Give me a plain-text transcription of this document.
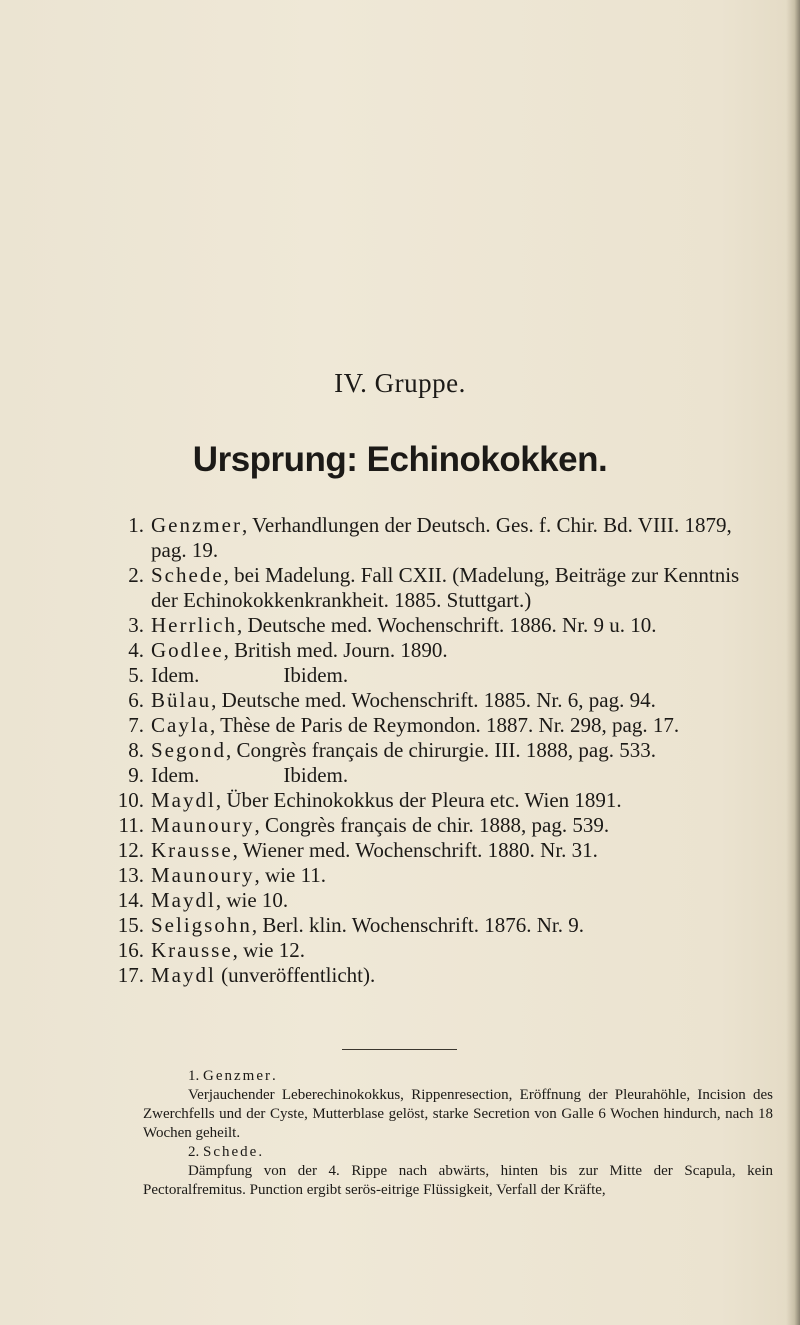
IV. Gruppe.
Ursprung: Echinokokken.
1. Genzmer, Verhandlungen der Deutsch. Ges. f. Chir. Bd. VIII. 1879,
pag. 19.
2. Schede, bei Madelung. Fall CXII. (Madelung, Beiträge zur Kenntnis
der Echinokokkenkrankheit. 1885. Stuttgart.)
3. Herrlich, Deutsche med. Wochenschrift. 1886. Nr. 9 u. 10.
4. Godlee, British med. Journ. 1890.
5. Idem.                Ibidem.
6. Bülau, Deutsche med. Wochenschrift. 1885. Nr. 6, pag. 94.
7. Cayla, Thèse de Paris de Reymondon. 1887. Nr. 298, pag. 17.
8. Segond, Congrès français de chirurgie. III. 1888, pag. 533.
9. Idem.                Ibidem.
10. Maydl, Über Echinokokkus der Pleura etc. Wien 1891.
11. Maunoury, Congrès français de chir. 1888, pag. 539.
12. Krausse, Wiener med. Wochenschrift. 1880. Nr. 31.
13. Maunoury, wie 11.
14. Maydl, wie 10.
15. Seligsohn, Berl. klin. Wochenschrift. 1876. Nr. 9.
16. Krausse, wie 12.
17. Maydl (unveröffentlicht).
1. Genzmer.
Verjauchender Leberechinokokkus, Rippenresection, Eröffnung der Pleurahöhle, Incision des Zwerchfells und der Cyste, Mutterblase gelöst, starke Secretion von Galle 6 Wochen hindurch, nach 18 Wochen geheilt.
2. Schede.
Dämpfung von der 4. Rippe nach abwärts, hinten bis zur Mitte der Scapula, kein Pectoralfremitus. Punction ergibt serös-eitrige Flüssigkeit, Verfall der Kräfte,
